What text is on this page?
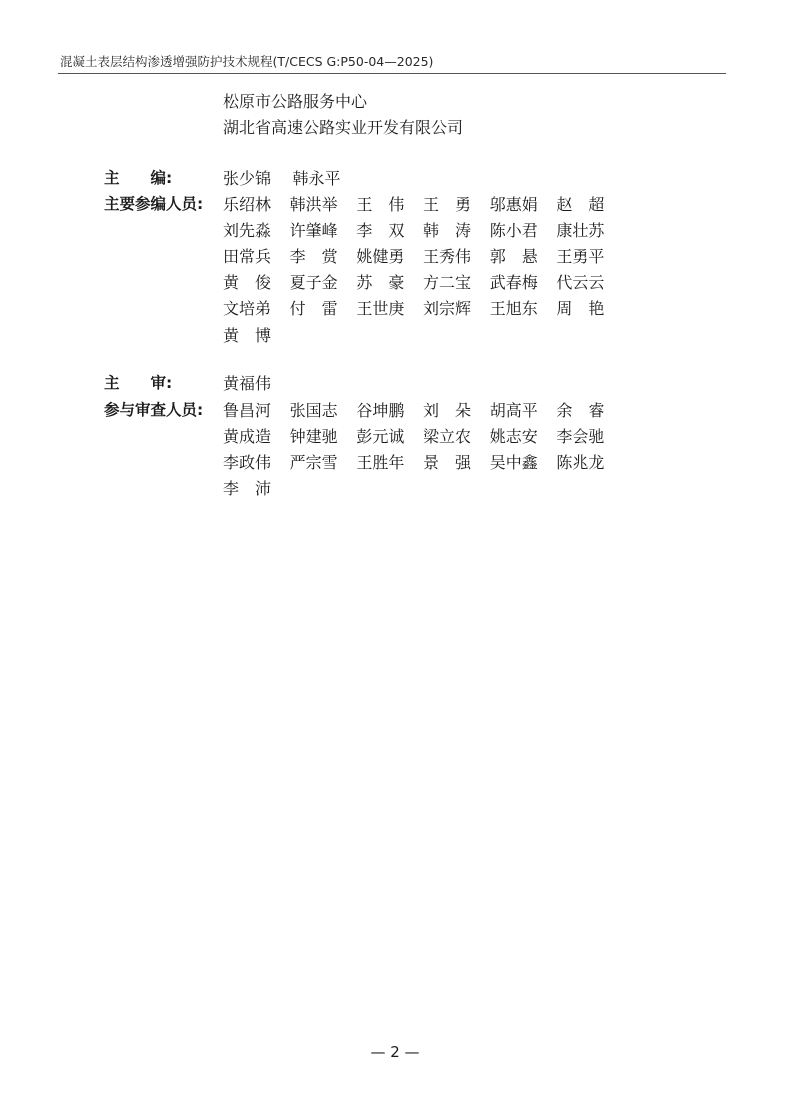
混凝土表层结构渗透增强防护技术规程(T/CECS G:P50-04—2025)
松原市公路服务中心
湖北省高速公路实业开发有限公司
主　　编:	张少锦	韩永平
主要参编人员: 乐绍林	韩洪举	王　伟	王　勇	邬惠娟	赵　超
刘先淼	许肇峰	李　双	韩　涛	陈小君	康壮苏
田常兵	李　赏	姚健勇	王秀伟	郭　悬	王勇平
黄　俊	夏子金	苏　豪	方二宝	武春梅	代云云
文培弟	付　雷	王世庚	刘宗辉	王旭东	周　艳
黄　博
主　　审:	黄福伟
参与审查人员: 鲁昌河	张国志	谷坤鹏	刘　朵	胡高平	余　睿
黄成造	钟建驰	彭元诚	梁立农	姚志安	李会驰
李政伟	严宗雪	王胜年	景　强	吴中鑫	陈兆龙
李　沛
— 2 —
